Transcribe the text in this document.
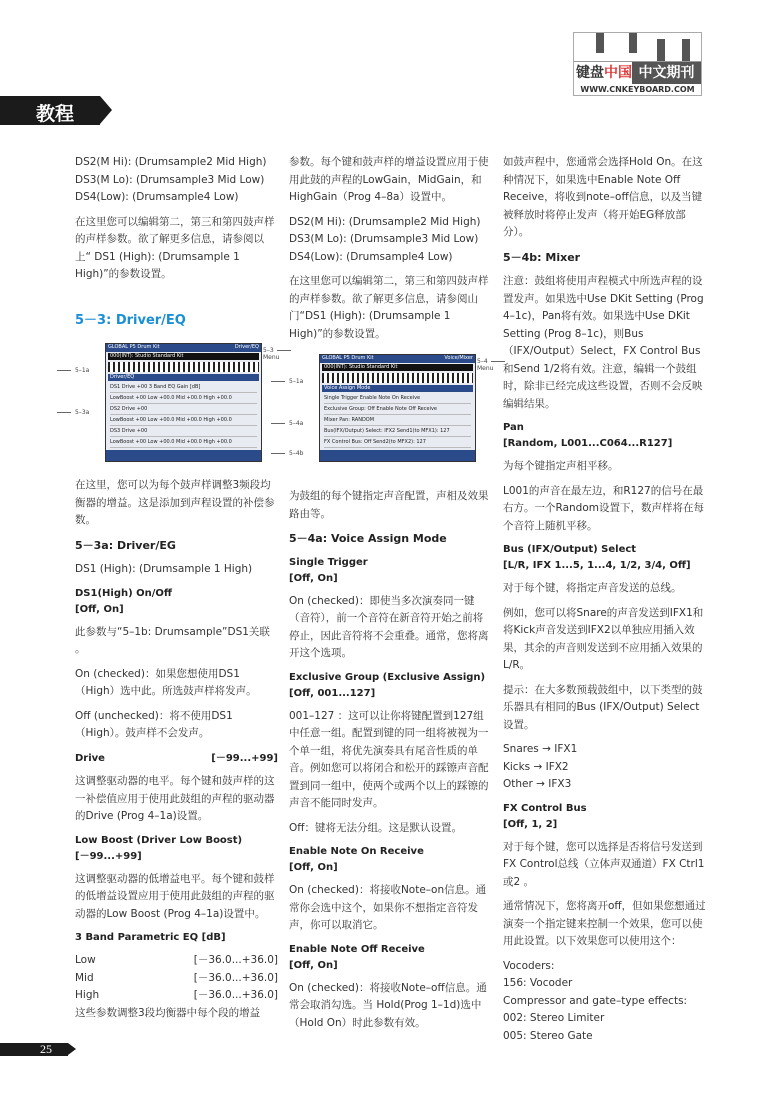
教程
键盘 中国 中文期刊
WWW.CNKEYBOARD.COM
DS2(M Hi): (Drumsample2 Mid High)
DS3(M Lo): (Drumsample3 Mid Low)
DS4(Low): (Drumsample4 Low)

在这里您可以编辑第二，第三和第四鼓声样的声样参数。欲了解更多信息，请参阅以上“ DS1 (High): (Drumsample 1 High)”的参数设置。

5－3: Driver/EQ
GLOBAL P5 Drum Kit	Driver/EQ
000(INT): Studio Standard Kit
Driver/EQ
DS1 Drive +00 3 Band EQ Gain [dB]
LowBoost +00 Low +00.0 Mid +00.0 High +00.0
DS2 Drive +00
LowBoost +00 Low +00.0 Mid +00.0 High +00.0
DS3 Drive +00
LowBoost +00 Low +00.0 Mid +00.0 High +00.0
5–3 Menu
5–1a
5–3a

在这里，您可以为每个鼓声样调整3频段均衡器的增益。这是添加到声程设置的补偿参数。

5－3a: Driver/EG

DS1 (High): (Drumsample 1 High)

DS1(High) On/Off
[Off, On]

此参数与“5–1b: Drumsample”DS1关联 。

On (checked)：如果您想使用DS1（High）选中此。所选鼓声样将发声。

Off (unchecked)：将不使用DS1（High）。鼓声样不会发声。

Drive	[－99...+99]

这调整驱动器的电平。每个键和鼓声样的这一补偿值应用于使用此鼓组的声程的驱动器的Drive (Prog 4–1a)设置。

Low Boost (Driver Low Boost)
[－99...+99]

这调整驱动器的低增益电平。每个键和鼓样的低增益设置应用于使用此鼓组的声程的驱动器的Low Boost (Prog 4–1a)设置中。

3 Band Parametric EQ [dB]
Low	[－36.0...+36.0]
Mid	[－36.0...+36.0]
High	[－36.0...+36.0]

这些参数调整3段均衡器中每个段的增益

参数。每个键和鼓声样的增益设置应用于使用此鼓的声程的LowGain，MidGain，和HighGain（Prog 4–8a）设置中。

DS2(M Hi): (Drumsample2 Mid High)
DS3(M Lo): (Drumsample3 Mid Low)
DS4(Low): (Drumsample4 Low)

在这里您可以编辑第二，第三和第四鼓声样的声样参数。欲了解更多信息，请参阅山门“DS1 (High): (Drumsample 1 High)”的参数设置。

GLOBAL P5 Drum Kit	Voice/Mixer
000(INT): Studio Standard Kit
Voice Assign Mode
Single Trigger Enable Note On Receive
Exclusive Group: Off Enable Note Off Receive
Mixer Pan: RANDOM
Bus(IFX/Output) Select: IFX2 Send1(to MFX1): 127
FX Control Bus: Off Send2(to MFX2): 127
5–4 Menu
5–1a
5–4a
5–4b

为鼓组的每个键指定声音配置，声相及效果路由等。

5－4a: Voice Assign Mode
Single Trigger
[Off, On]

On (checked)：即使当多次演奏同一键（音符），前一个音符在新音符开始之前将停止，因此音符将不会重叠。通常，您将离开这个选项。

Exclusive Group (Exclusive Assign)
[Off, 001...127]

001–127 ：这可以让你将键配置到127组中任意一组。配置到键的同一组将被视为一个单一组，将优先演奏具有尾音性质的单音。例如您可以将闭合和松开的踩镲声音配置到同一组中，使两个或两个以上的踩镲的声音不能同时发声。

Off：键将无法分组。这是默认设置。

Enable Note On Receive
[Off, On]

On (checked)：将接收Note–on信息。通常你会选中这个，如果你不想指定音符发声，你可以取消它。

Enable Note Off Receive
[Off, On]

On (checked)：将接收Note–off信息。通常会取消勾选。当 Hold(Prog 1–1d)选中（Hold On）时此参数有效。

如鼓声程中，您通常会选择Hold On。在这种情况下，如果选中Enable Note Off Receive，将收到note–off信息，以及当键被释放时将停止发声（将开始EG释放部分）。

5－4b: Mixer

注意：鼓组将使用声程模式中所选声程的设置发声。如果选中Use DKit Setting (Prog 4–1c)，Pan将有效。如果选中Use DKit Setting (Prog 8–1c)，则Bus（IFX/Output）Select，FX Control Bus和Send 1/2将有效。注意，编辑一个鼓组时，除非已经完成这些设置，否则不会反映编辑结果。

Pan
[Random, L001...C064...R127]

为每个键指定声相平移。

L001的声音在最左边，和R127的信号在最右方。一个Random设置下，数声样将在每个音符上随机平移。

Bus (IFX/Output) Select
[L/R, IFX 1...5, 1...4, 1/2, 3/4, Off]

对于每个键，将指定声音发送的总线。

例如，您可以将Snare的声音发送到IFX1和将Kick声音发送到IFX2以单独应用插入效果，其余的声音则发送到不应用插入效果的L/R。

提示：在大多数预载鼓组中，以下类型的鼓乐器具有相同的Bus (IFX/Output) Select设置。

Snares → IFX1
Kicks → IFX2
Other → IFX3
FX Control Bus
[Off, 1, 2]

对于每个键，您可以选择是否将信号发送到FX Control总线（立体声双通道）FX Ctrl1或2 。

通常情况下，您将离开off，但如果您想通过演奏一个指定键来控制一个效果，您可以使用此设置。以下效果您可以使用这个：

Vocoders:
156: Vocoder
Compressor and gate–type effects:
002: Stereo Limiter
005: Stereo Gate
25
